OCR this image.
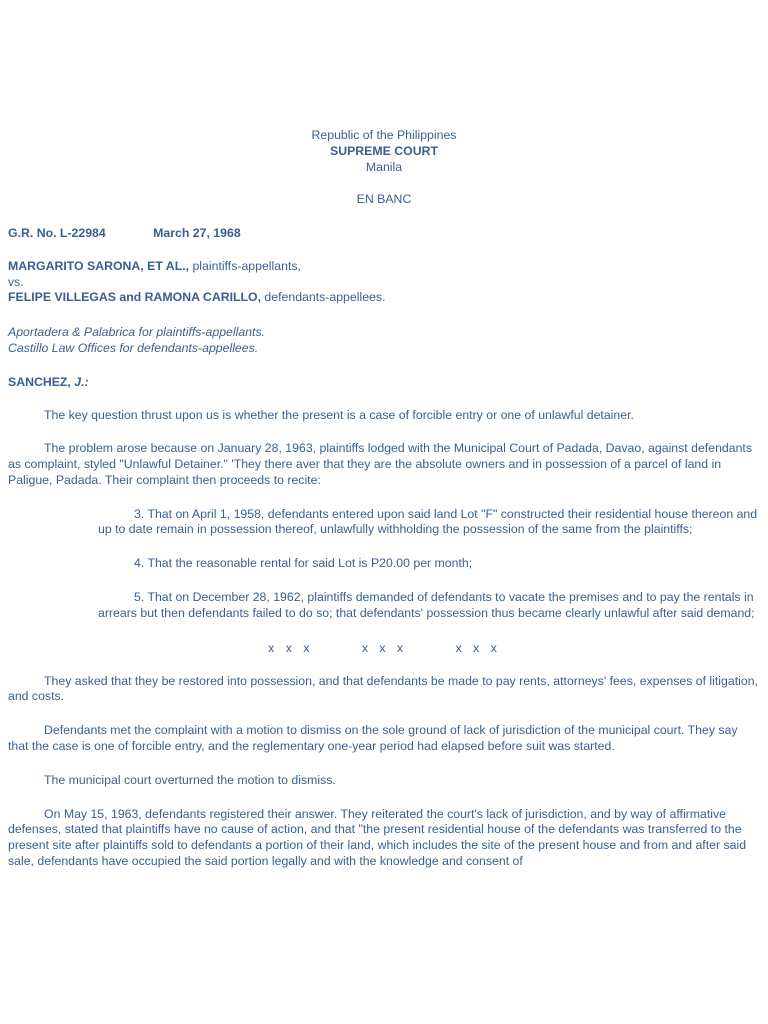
Republic of the Philippines
SUPREME COURT
Manila
EN BANC
G.R. No. L-22984	March 27, 1968
MARGARITO SARONA, ET AL., plaintiffs-appellants,
vs.
FELIPE VILLEGAS and RAMONA CARILLO, defendants-appellees.
Aportadera & Palabrica for plaintiffs-appellants.
Castillo Law Offices for defendants-appellees.
SANCHEZ, J.:

The key question thrust upon us is whether the present is a case of forcible entry or one of unlawful detainer.

The problem arose because on January 28, 1963, plaintiffs lodged with the Municipal Court of Padada, Davao, against defendants as complaint, styled "Unlawful Detainer." 'They there aver that they are the absolute owners and in possession of a parcel of land in Paligue, Padada. Their complaint then proceeds to recite:

3. That on April 1, 1958, defendants entered upon said land Lot "F" constructed their residential house thereon and up to date remain in possession thereof, unlawfully withholding the possession of the same from the plaintiffs;

4. That the reasonable rental for said Lot is P20.00 per month;

5. That on December 28, 1962, plaintiffs demanded of defendants to vacate the premises and to pay the rentals in arrears but then defendants failed to do so; that defendants' possession thus became clearly unlawful after said demand;

x x x	x x x	x x x

They asked that they be restored into possession, and that defendants be made to pay rents, attorneys' fees, expenses of litigation, and costs.

Defendants met the complaint with a motion to dismiss on the sole ground of lack of jurisdiction of the municipal court. They say that the case is one of forcible entry, and the reglementary one-year period had elapsed before suit was started.

The municipal court overturned the motion to dismiss.

On May 15, 1963, defendants registered their answer. They reiterated the court's lack of jurisdiction, and by way of affirmative defenses, stated that plaintiffs have no cause of action, and that "the present residential house of the defendants was transferred to the present site after plaintiffs sold to defendants a portion of their land, which includes the site of the present house and from and after said sale, defendants have occupied the said portion legally and with the knowledge and consent of
